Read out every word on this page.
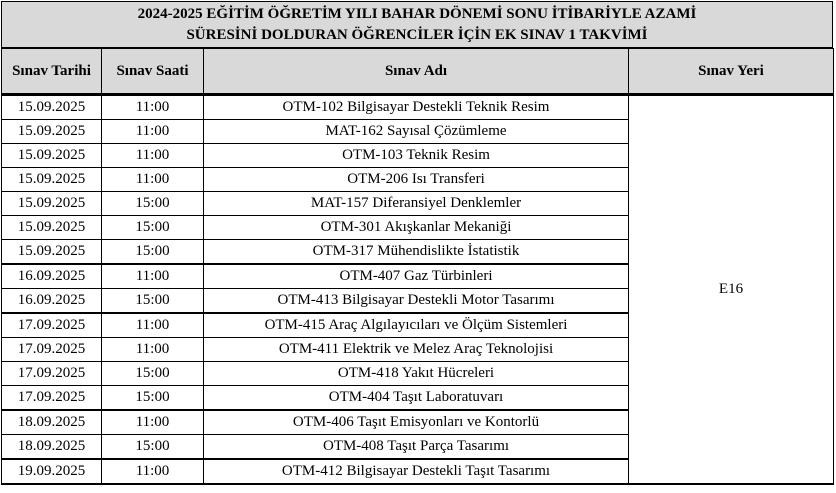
2024-2025 EĞİTİM ÖĞRETİM YILI BAHAR DÖNEMİ SONU İTİBARİYLE AZAMİ
SÜRESİNİ DOLDURAN ÖĞRENCİLER İÇİN EK SINAV 1 TAKVİMİ
Sınav Tarihi	Sınav Saati	Sınav Adı	Sınav Yeri
15.09.2025	11:00	OTM-102 Bilgisayar Destekli Teknik Resim	E16
15.09.2025	11:00	MAT-162 Sayısal Çözümleme	
15.09.2025	11:00	OTM-103 Teknik Resim	
15.09.2025	11:00	OTM-206 Isı Transferi	
15.09.2025	15:00	MAT-157 Diferansiyel Denklemler	
15.09.2025	15:00	OTM-301 Akışkanlar Mekaniği	
15.09.2025	15:00	OTM-317 Mühendislikte İstatistik	
16.09.2025	11:00	OTM-407 Gaz Türbinleri	
16.09.2025	15:00	OTM-413 Bilgisayar Destekli Motor Tasarımı	
17.09.2025	11:00	OTM-415 Araç Algılayıcıları ve Ölçüm Sistemleri	
17.09.2025	11:00	OTM-411 Elektrik ve Melez Araç Teknolojisi	
17.09.2025	15:00	OTM-418 Yakıt Hücreleri	
17.09.2025	15:00	OTM-404 Taşıt Laboratuvarı	
18.09.2025	11:00	OTM-406 Taşıt Emisyonları ve Kontorlü	
18.09.2025	15:00	OTM-408 Taşıt Parça Tasarımı	
19.09.2025	11:00	OTM-412 Bilgisayar Destekli Taşıt Tasarımı	
